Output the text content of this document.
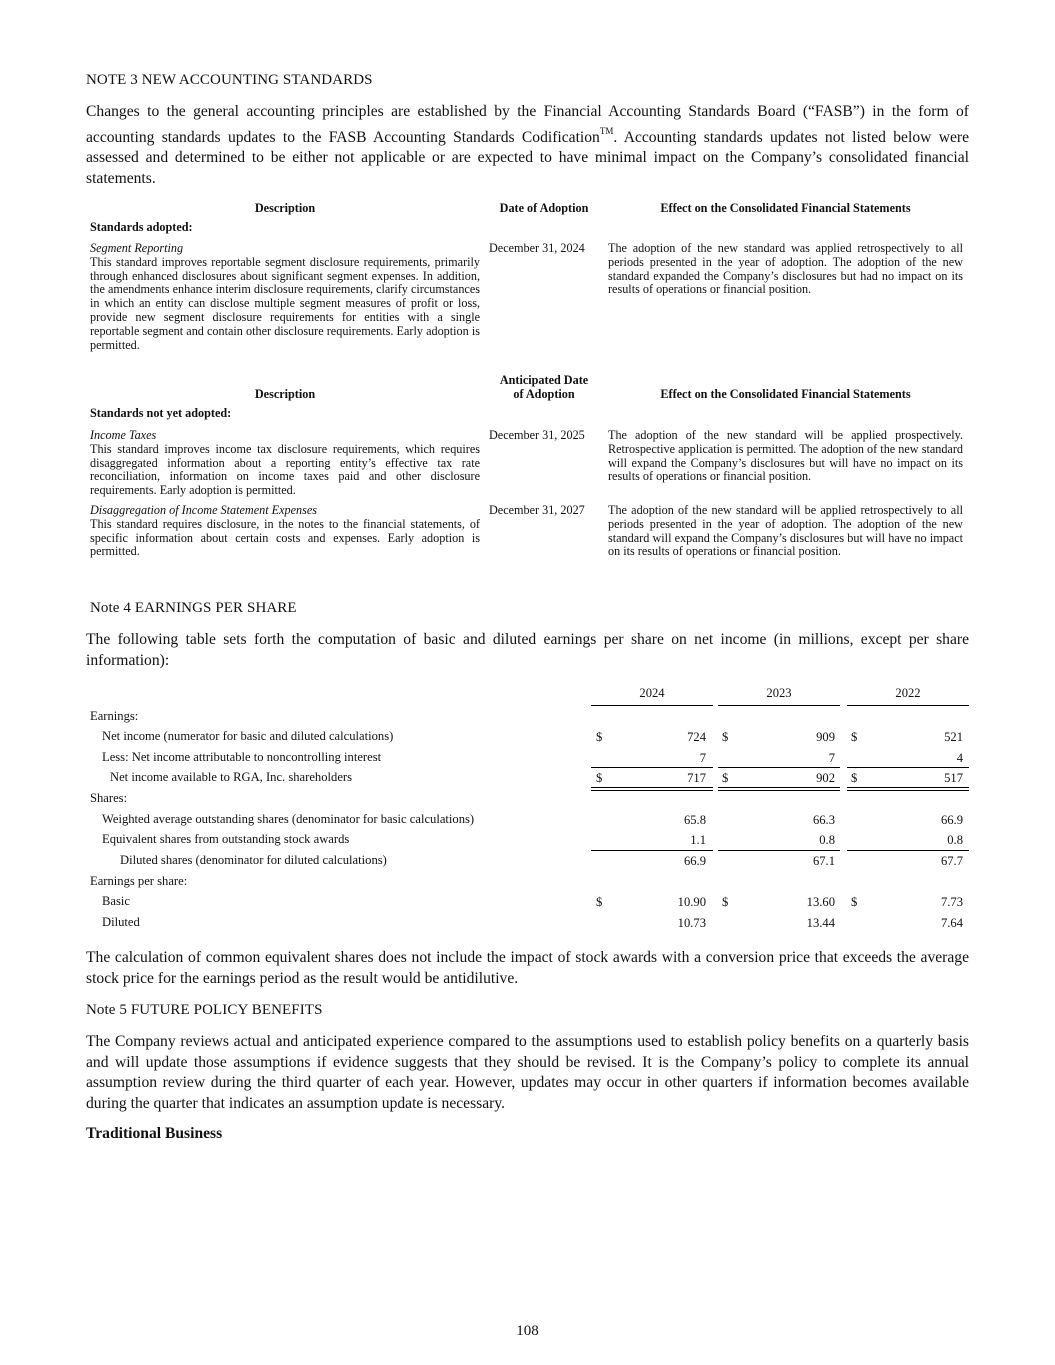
NOTE 3 NEW ACCOUNTING STANDARDS
Changes to the general accounting principles are established by the Financial Accounting Standards Board (“FASB”) in the form of accounting standards updates to the FASB Accounting Standards Codification™. Accounting standards updates not listed below were assessed and determined to be either not applicable or are expected to have minimal impact on the Company’s consolidated financial statements.
Description	Date of Adoption	Effect on the Consolidated Financial Statements
Standards adopted:
Segment Reporting
This standard improves reportable segment disclosure requirements, primarily through enhanced disclosures about significant segment expenses. In addition, the amendments enhance interim disclosure requirements, clarify circumstances in which an entity can disclose multiple segment measures of profit or loss, provide new segment disclosure requirements for entities with a single reportable segment and contain other disclosure requirements. Early adoption is permitted.
December 31, 2024	The adoption of the new standard was applied retrospectively to all periods presented in the year of adoption. The adoption of the new standard expanded the Company’s disclosures but had no impact on its results of operations or financial position.
Description
Anticipated Date
of Adoption	Effect on the Consolidated Financial Statements
Standards not yet adopted:
Income Taxes
This standard improves income tax disclosure requirements, which requires disaggregated information about a reporting entity’s effective tax rate reconciliation, information on income taxes paid and other disclosure requirements. Early adoption is permitted.
December 31, 2025	The adoption of the new standard will be applied prospectively. Retrospective application is permitted. The adoption of the new standard will expand the Company’s disclosures but will have no impact on its results of operations or financial position.
Disaggregation of Income Statement Expenses
This standard requires disclosure, in the notes to the financial statements, of specific information about certain costs and expenses. Early adoption is permitted.
December 31, 2027	The adoption of the new standard will be applied retrospectively to all periods presented in the year of adoption. The adoption of the new standard will expand the Company’s disclosures but will have no impact on its results of operations or financial position.
Note 4 EARNINGS PER SHARE
The following table sets forth the computation of basic and diluted earnings per share on net income (in millions, except per share information):
2024	2023	2022
Earnings:
Net income (numerator for basic and diluted calculations)	$	724 $	909 $	521
Less: Net income attributable to noncontrolling interest	7	7	4
Net income available to RGA, Inc. shareholders	$	717 $	902 $	517
Shares:
Weighted average outstanding shares (denominator for basic calculations)	65.8	66.3	66.9
Equivalent shares from outstanding stock awards	1.1	0.8	0.8
Diluted shares (denominator for diluted calculations)	66.9	67.1	67.7
Earnings per share:
Basic	$	10.90 $	13.60 $	7.73
Diluted	10.73	13.44	7.64
The calculation of common equivalent shares does not include the impact of stock awards with a conversion price that exceeds the average stock price for the earnings period as the result would be antidilutive.
Note 5 FUTURE POLICY BENEFITS
The Company reviews actual and anticipated experience compared to the assumptions used to establish policy benefits on a quarterly basis and will update those assumptions if evidence suggests that they should be revised. It is the Company’s policy to complete its annual assumption review during the third quarter of each year. However, updates may occur in other quarters if information becomes available during the quarter that indicates an assumption update is necessary.
Traditional Business
108
